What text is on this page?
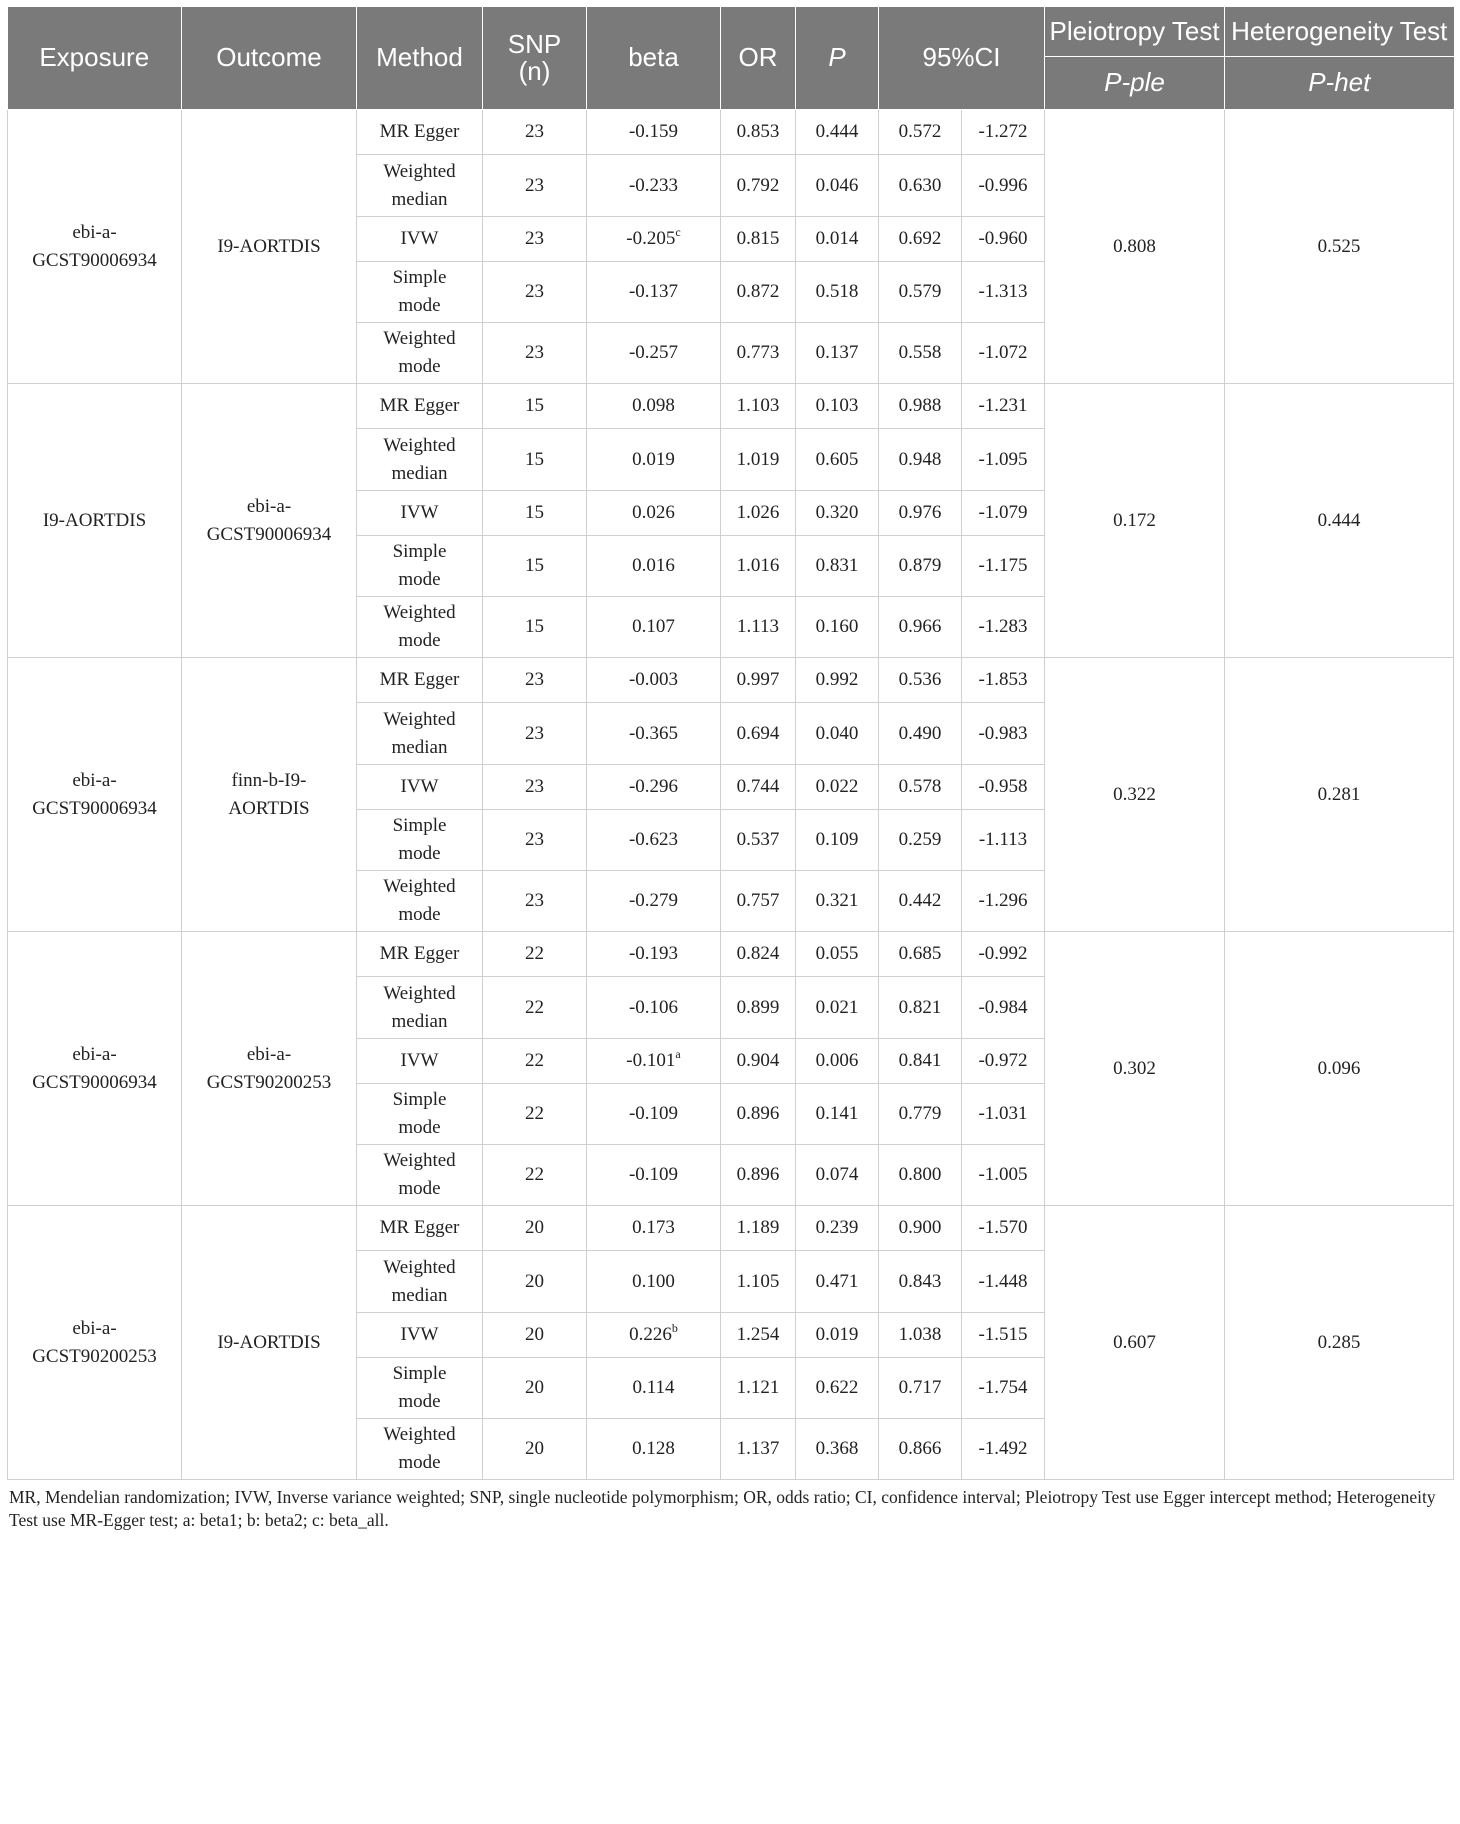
Exposure	Outcome	Method	SNP (n)	beta	OR	P	95%CI		Pleiotropy Test	Heterogeneity Test
									P-ple	P-het
ebi-a-GCST90006934	I9-AORTDIS	MR Egger	23	-0.159	0.853	0.444	0.572	-1.272	0.808	0.525
		Weighted median	23	-0.233	0.792	0.046	0.630	-0.996		
		IVW	23	-0.205$^c$	0.815	0.014	0.692	-0.960		
		Simple mode	23	-0.137	0.872	0.518	0.579	-1.313		
		Weighted mode	23	-0.257	0.773	0.137	0.558	-1.072		
I9-AORTDIS	ebi-a-GCST90006934	MR Egger	15	0.098	1.103	0.103	0.988	-1.231	0.172	0.444
		Weighted median	15	0.019	1.019	0.605	0.948	-1.095		
		IVW	15	0.026	1.026	0.320	0.976	-1.079		
		Simple mode	15	0.016	1.016	0.831	0.879	-1.175		
		Weighted mode	15	0.107	1.113	0.160	0.966	-1.283		
ebi-a-GCST90006934	finn-b-I9-AORTDIS	MR Egger	23	-0.003	0.997	0.992	0.536	-1.853	0.322	0.281
		Weighted median	23	-0.365	0.694	0.040	0.490	-0.983		
		IVW	23	-0.296	0.744	0.022	0.578	-0.958		
		Simple mode	23	-0.623	0.537	0.109	0.259	-1.113		
		Weighted mode	23	-0.279	0.757	0.321	0.442	-1.296		
ebi-a-GCST90006934	ebi-a-GCST90200253	MR Egger	22	-0.193	0.824	0.055	0.685	-0.992	0.302	0.096
		Weighted median	22	-0.106	0.899	0.021	0.821	-0.984		
		IVW	22	-0.101$^a$	0.904	0.006	0.841	-0.972		
		Simple mode	22	-0.109	0.896	0.141	0.779	-1.031		
		Weighted mode	22	-0.109	0.896	0.074	0.800	-1.005		
ebi-a-GCST90200253	I9-AORTDIS	MR Egger	20	0.173	1.189	0.239	0.900	-1.570	0.607	0.285
		Weighted median	20	0.100	1.105	0.471	0.843	-1.448		
		IVW	20	0.226$^b$	1.254	0.019	1.038	-1.515		
		Simple mode	20	0.114	1.121	0.622	0.717	-1.754		
		Weighted mode	20	0.128	1.137	0.368	0.866	-1.492		

MR, Mendelian randomization; IVW, Inverse variance weighted; SNP, single nucleotide polymorphism; OR, odds ratio; CI, confidence interval; Pleiotropy Test use Egger intercept method; Heterogeneity Test use MR-Egger test; a: beta1; b: beta2; c: beta_all.
